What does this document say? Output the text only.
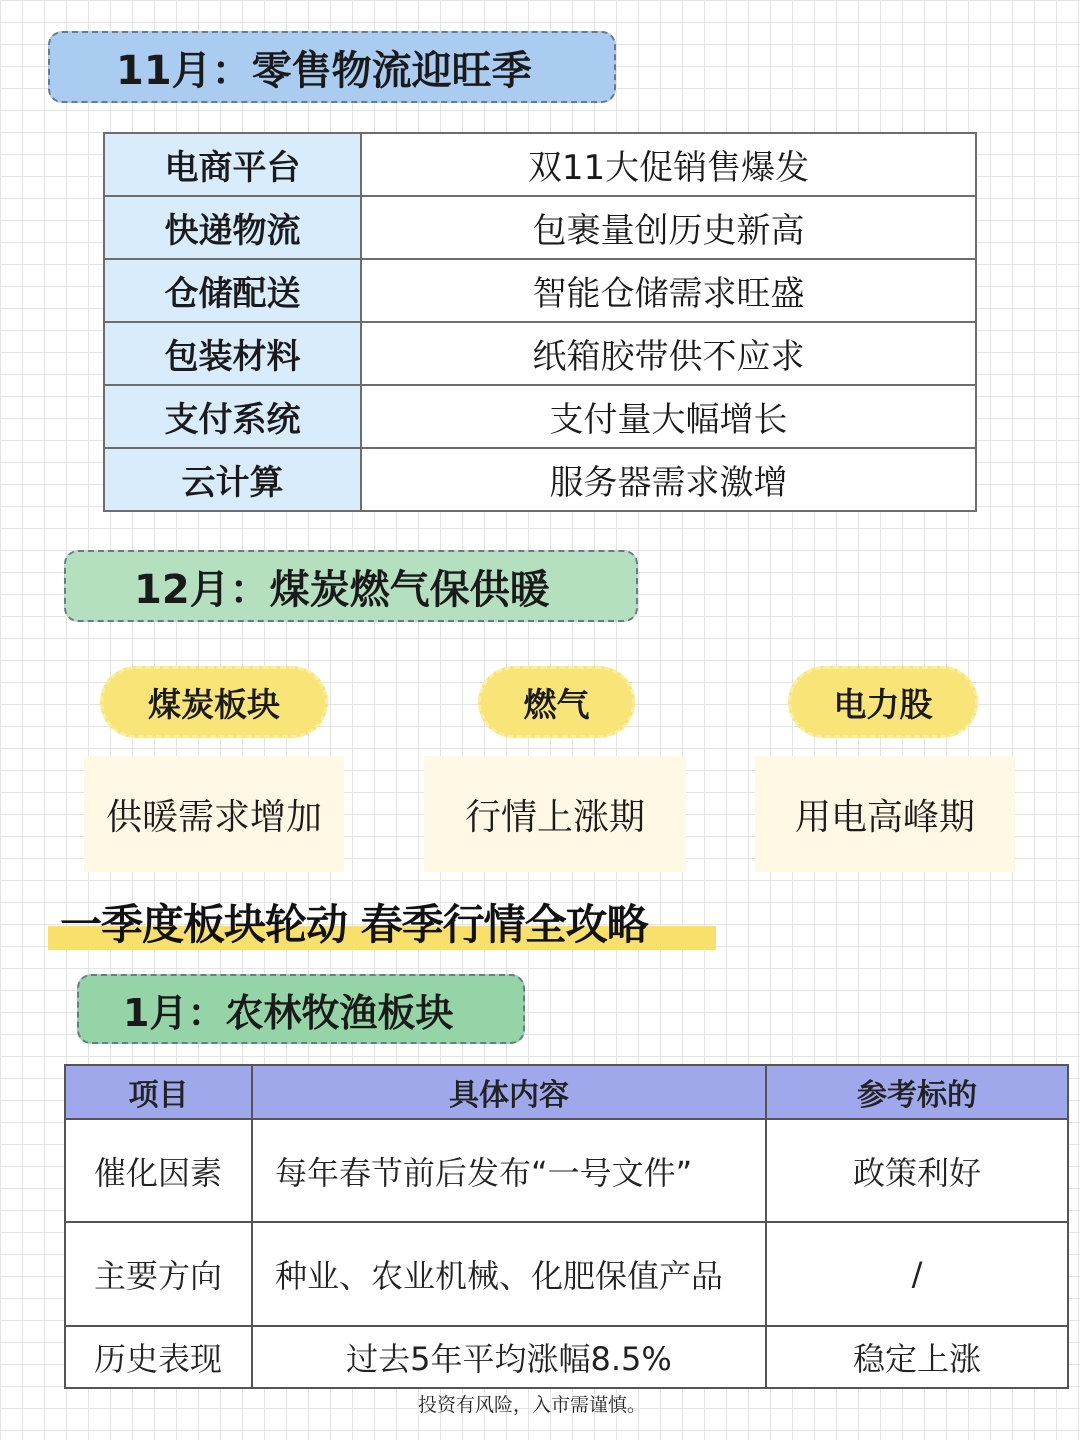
11月：零售物流迎旺季
电商平台	双11大促销售爆发
快递物流	包裹量创历史新高
仓储配送	智能仓储需求旺盛
包装材料	纸箱胶带供不应求
支付系统	支付量大幅增长
云计算	服务器需求激增
12月：煤炭燃气保供暖
煤炭板块	燃气	电力股
供暖需求增加	行情上涨期	用电高峰期
一季度板块轮动 春季行情全攻略
1月：农林牧渔板块
项目	具体内容	参考标的
催化因素	每年春节前后发布“一号文件”	政策利好
主要方向	种业、农业机械、化肥保值产品	/
历史表现	过去5年平均涨幅8.5%	稳定上涨
投资有风险，入市需谨慎。
